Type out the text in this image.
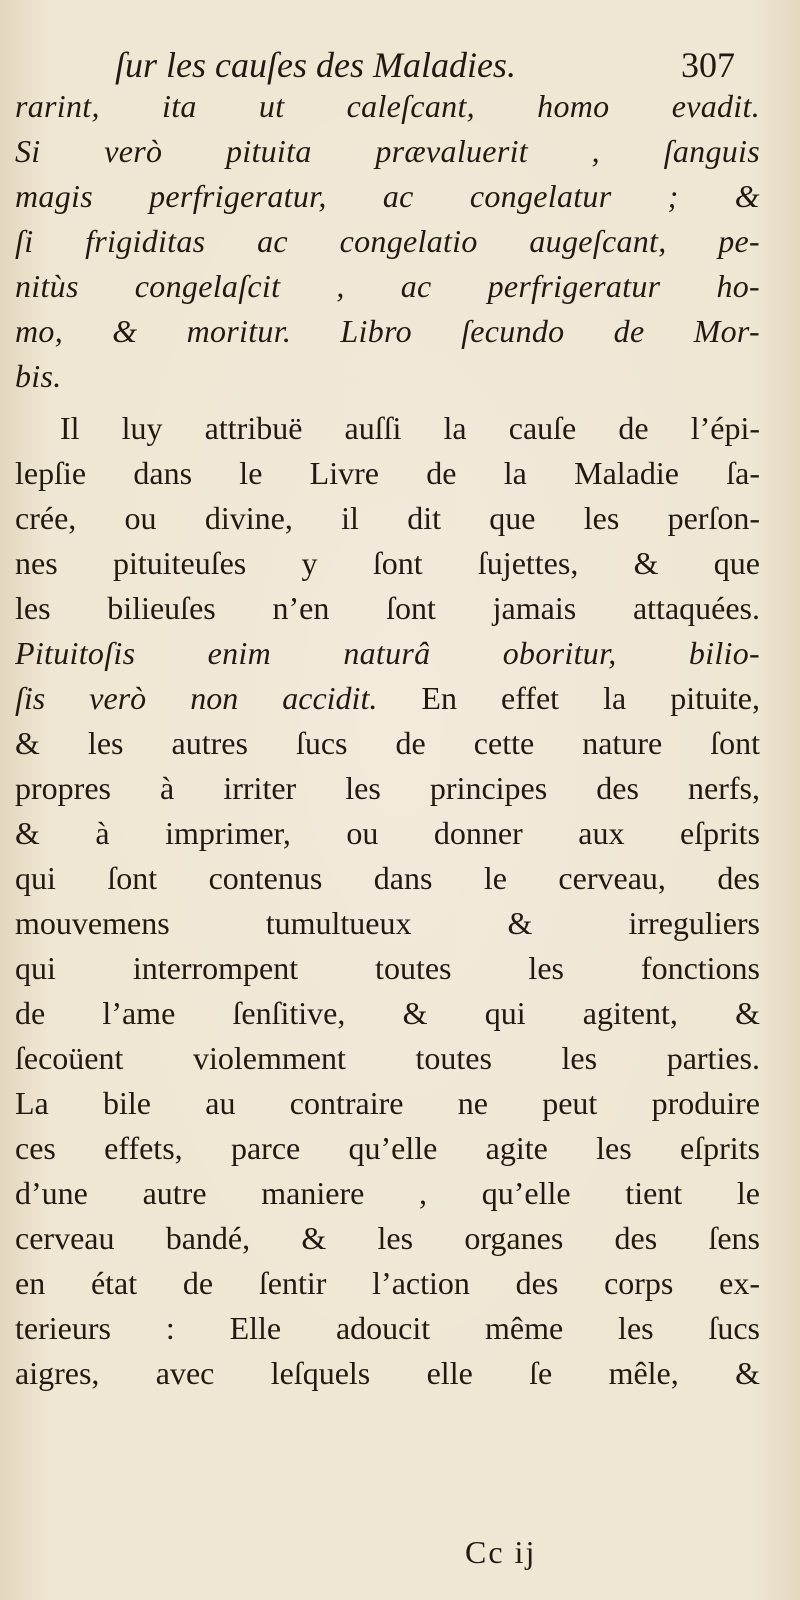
ſur les cauſes des Maladies.	307
rarint, ita ut caleſcant, homo evadit.
Si verò pituita prævaluerit , ſanguis
magis perfrigeratur, ac congelatur ; &
ſi frigiditas ac congelatio augeſcant, pe-
nitùs congelaſcit , ac perfrigeratur ho-
mo, & moritur. Libro ſecundo de Mor-
bis.
Il luy attribuë auſſi la cauſe de l’épi-
lepſie dans le Livre de la Maladie ſa-
crée, ou divine, il dit que les perſon-
nes pituiteuſes y ſont ſujettes, & que
les bilieuſes n’en ſont jamais attaquées.
Pituitoſis enim naturâ oboritur, bilio-
ſis verò non accidit. En effet la pituite,
& les autres ſucs de cette nature ſont
propres à irriter les principes des nerfs,
& à imprimer, ou donner aux eſprits
qui ſont contenus dans le cerveau, des
mouvemens tumultueux & irreguliers
qui interrompent toutes les fonctions
de l’ame ſenſitive, & qui agitent, &
ſecoüent violemment toutes les parties.
La bile au contraire ne peut produire
ces effets, parce qu’elle agite les eſprits
d’une autre maniere , qu’elle tient le
cerveau bandé, & les organes des ſens
en état de ſentir l’action des corps ex-
terieurs : Elle adoucit même les ſucs
aigres, avec leſquels elle ſe mêle, &
Cc ij
